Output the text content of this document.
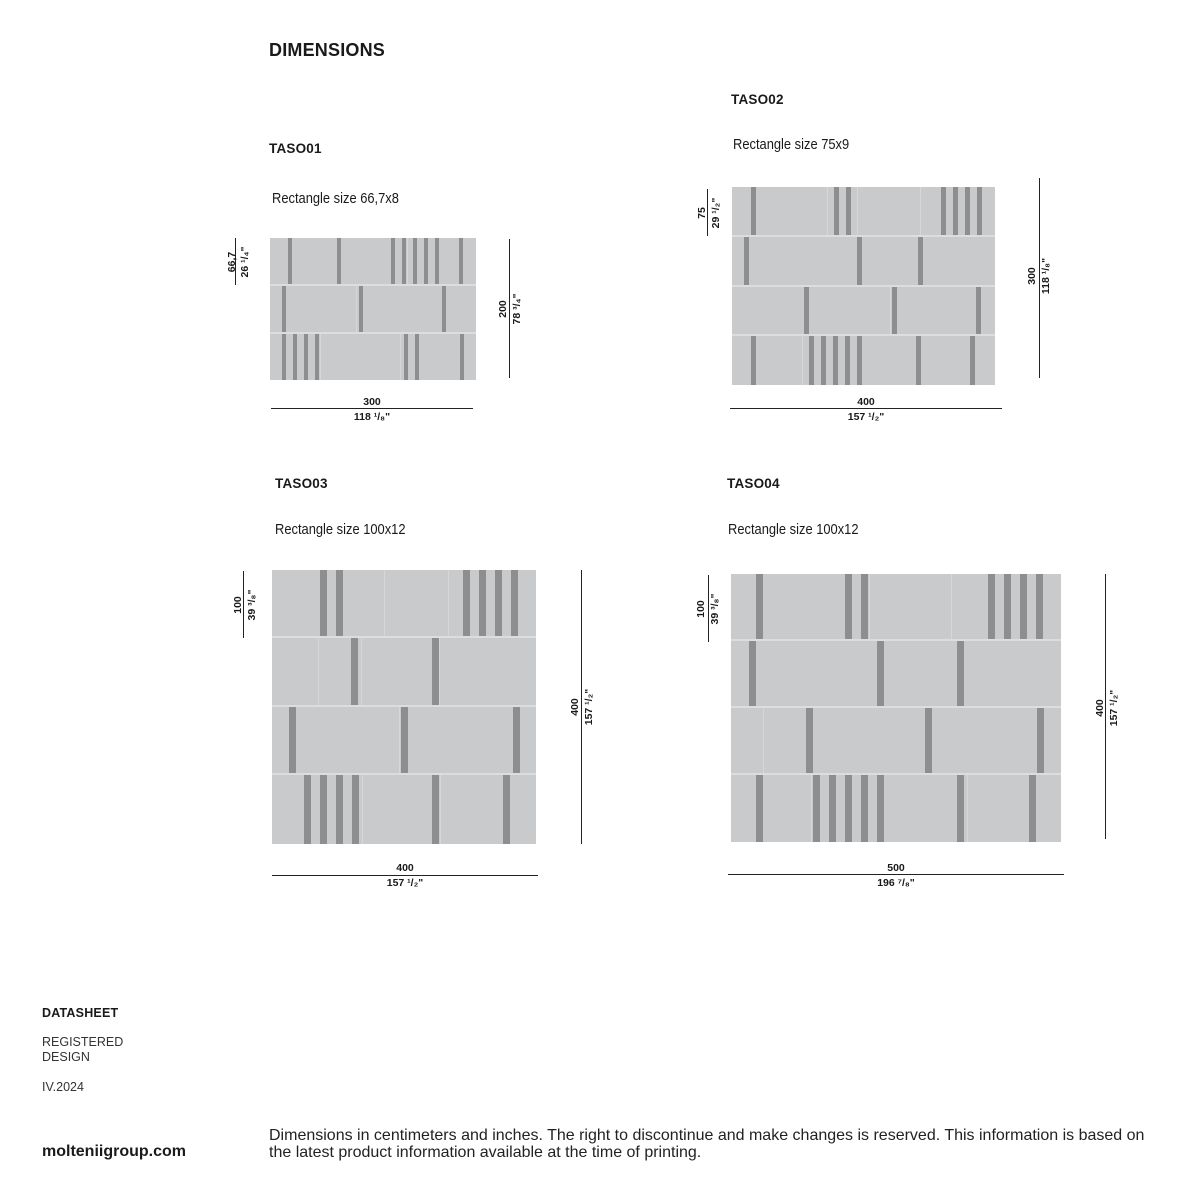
DIMENSIONS
TASO01
Rectangle size 66,7x8
66,7 26 ¹/₄"
200 78 ³/₄"
300
118 ¹/₈"
TASO02
Rectangle size 75x9
75 29 ¹/₂"
300 118 ¹/₈"
400
157 ¹/₂"
TASO03
Rectangle size 100x12
100 39 ³/₈"
400 157 ¹/₂"
400
157 ¹/₂"
TASO04
Rectangle size 100x12
100 39 ³/₈"
400 157 ¹/₂"
500
196 ⁷/₈"
DATASHEET
REGISTERED
DESIGN
IV.2024
molteniigroup.com
Dimensions in centimeters and inches. The right to discontinue and make changes is reserved. This information is based on the latest product information available at the time of printing.
